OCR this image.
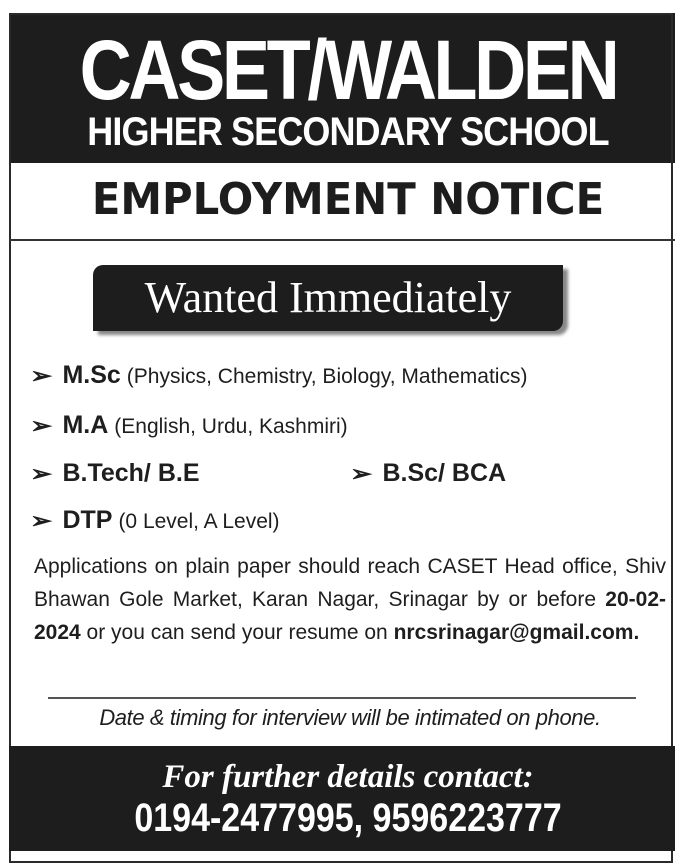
CASET/WALDEN
HIGHER SECONDARY SCHOOL
EMPLOYMENT NOTICE
Wanted Immediately
➢ M.Sc (Physics, Chemistry, Biology, Mathematics)
➢ M.A (English, Urdu, Kashmiri)
➢ B.Tech/ B.E	➢ B.Sc/ BCA
➢ DTP (0 Level, A Level)
Applications on plain paper should reach CASET Head office, Shiv Bhawan Gole Market, Karan Nagar, Srinagar by or before 20-02-2024 or you can send your resume on nrcsrinagar@gmail.com.
Date & timing for interview will be intimated on phone.
For further details contact:
0194-2477995, 9596223777
